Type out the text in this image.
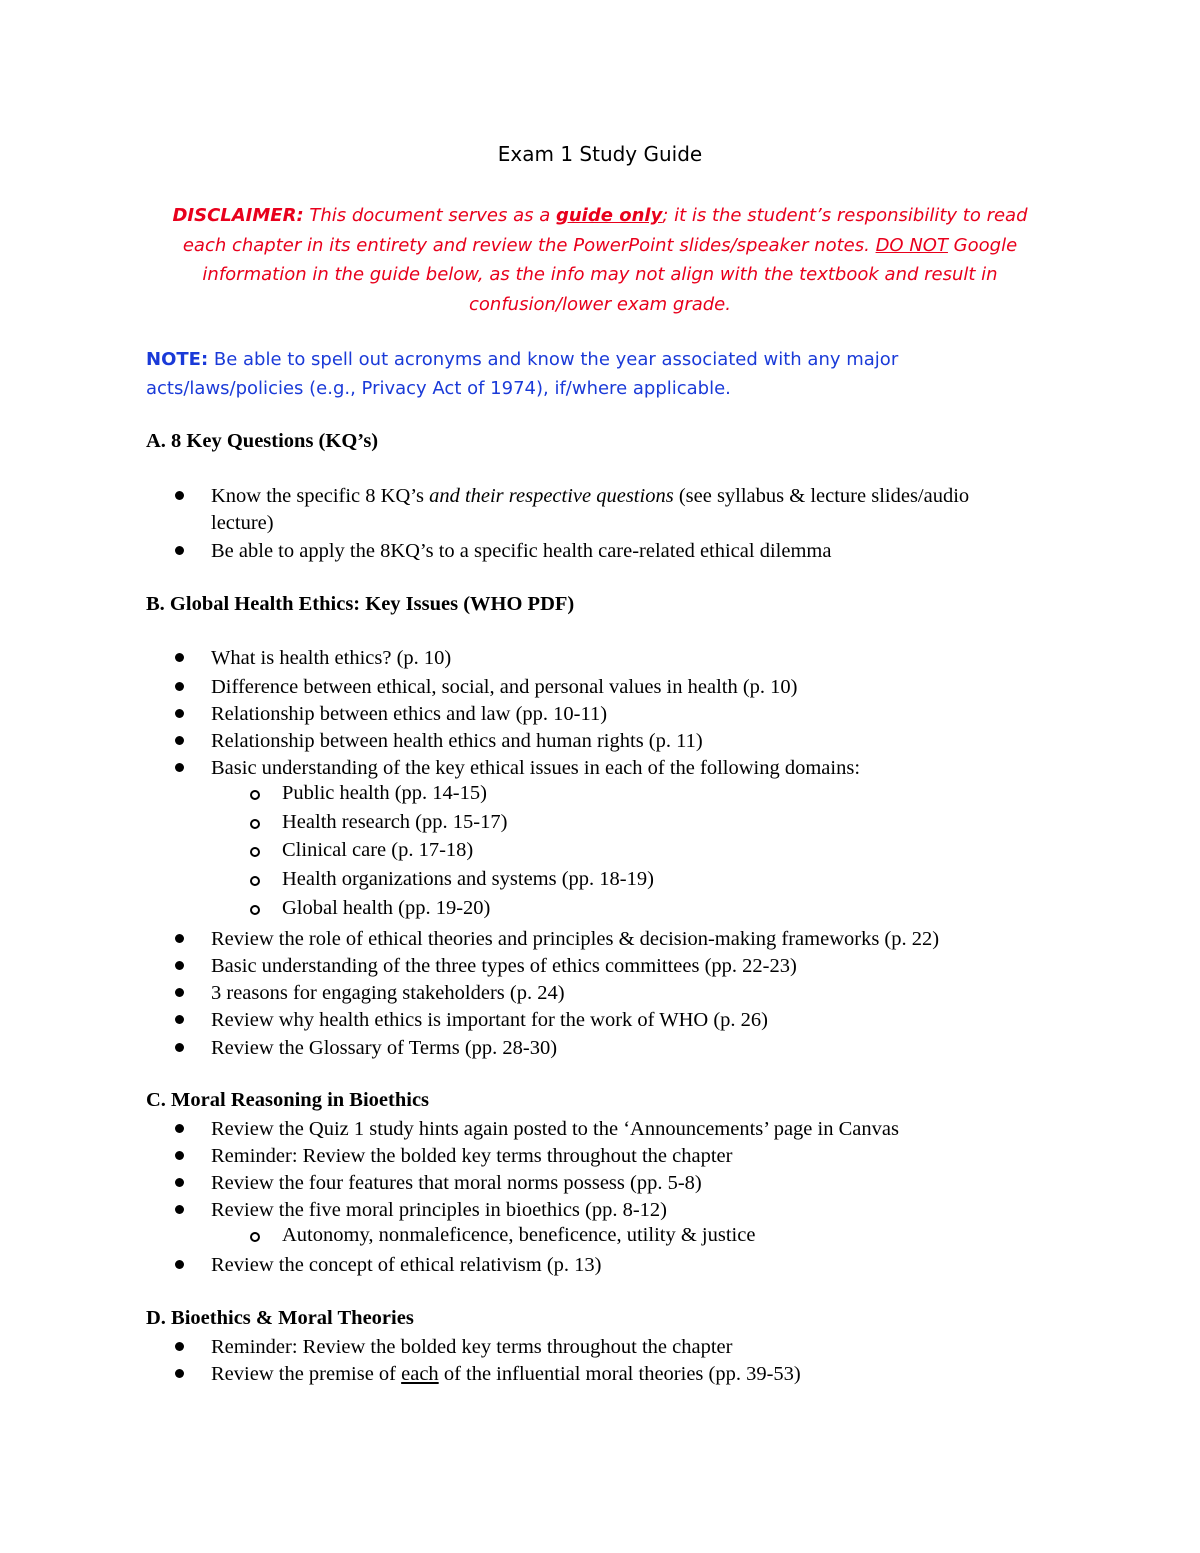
Exam 1 Study Guide
DISCLAIMER: This document serves as a guide only; it is the student’s responsibility to read each chapter in its entirety and review the PowerPoint slides/speaker notes. DO NOT Google information in the guide below, as the info may not align with the textbook and result in confusion/lower exam grade.
NOTE: Be able to spell out acronyms and know the year associated with any major acts/laws/policies (e.g., Privacy Act of 1974), if/where applicable.
A. 8 Key Questions (KQ’s)
Know the specific 8 KQ’s and their respective questions (see syllabus & lecture slides/audio lecture)
Be able to apply the 8KQ’s to a specific health care-related ethical dilemma
B. Global Health Ethics: Key Issues (WHO PDF)
What is health ethics? (p. 10)
Difference between ethical, social, and personal values in health (p. 10)
Relationship between ethics and law (pp. 10-11)
Relationship between health ethics and human rights (p. 11)
Basic understanding of the key ethical issues in each of the following domains:
Public health (pp. 14-15)
Health research (pp. 15-17)
Clinical care (p. 17-18)
Health organizations and systems (pp. 18-19)
Global health (pp. 19-20)
Review the role of ethical theories and principles & decision-making frameworks (p. 22)
Basic understanding of the three types of ethics committees (pp. 22-23)
3 reasons for engaging stakeholders (p. 24)
Review why health ethics is important for the work of WHO (p. 26)
Review the Glossary of Terms (pp. 28-30)
C. Moral Reasoning in Bioethics
Review the Quiz 1 study hints again posted to the ‘Announcements’ page in Canvas
Reminder: Review the bolded key terms throughout the chapter
Review the four features that moral norms possess (pp. 5-8)
Review the five moral principles in bioethics (pp. 8-12)
Autonomy, nonmaleficence, beneficence, utility & justice
Review the concept of ethical relativism (p. 13)
D. Bioethics & Moral Theories
Reminder: Review the bolded key terms throughout the chapter
Review the premise of each of the influential moral theories (pp. 39-53)
